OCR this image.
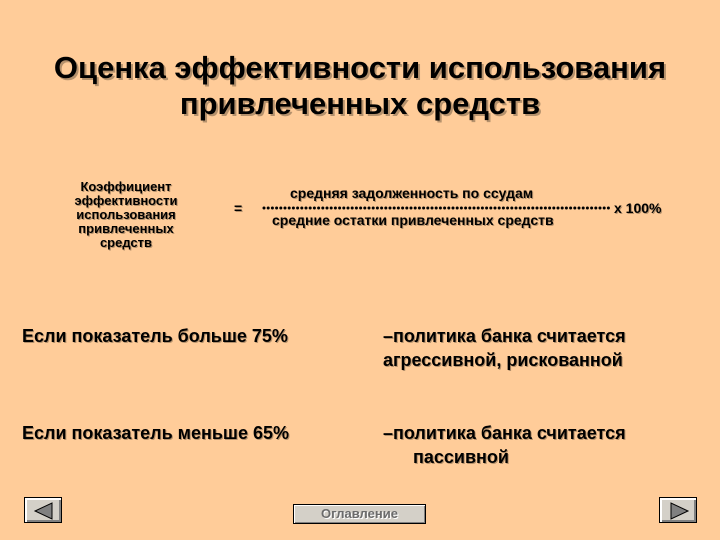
Оценка эффективности использования
привлеченных средств
Коэффициент
эффективности
использования
привлеченных
средств
=
средняя задолженность по ссудам
х 100%
средние остатки привлеченных средств
Если показатель больше 75%	–политика банка считается
агрессивной, рискованной
Если показатель меньше 65%	–политика банка считается
пассивной
Оглавление
